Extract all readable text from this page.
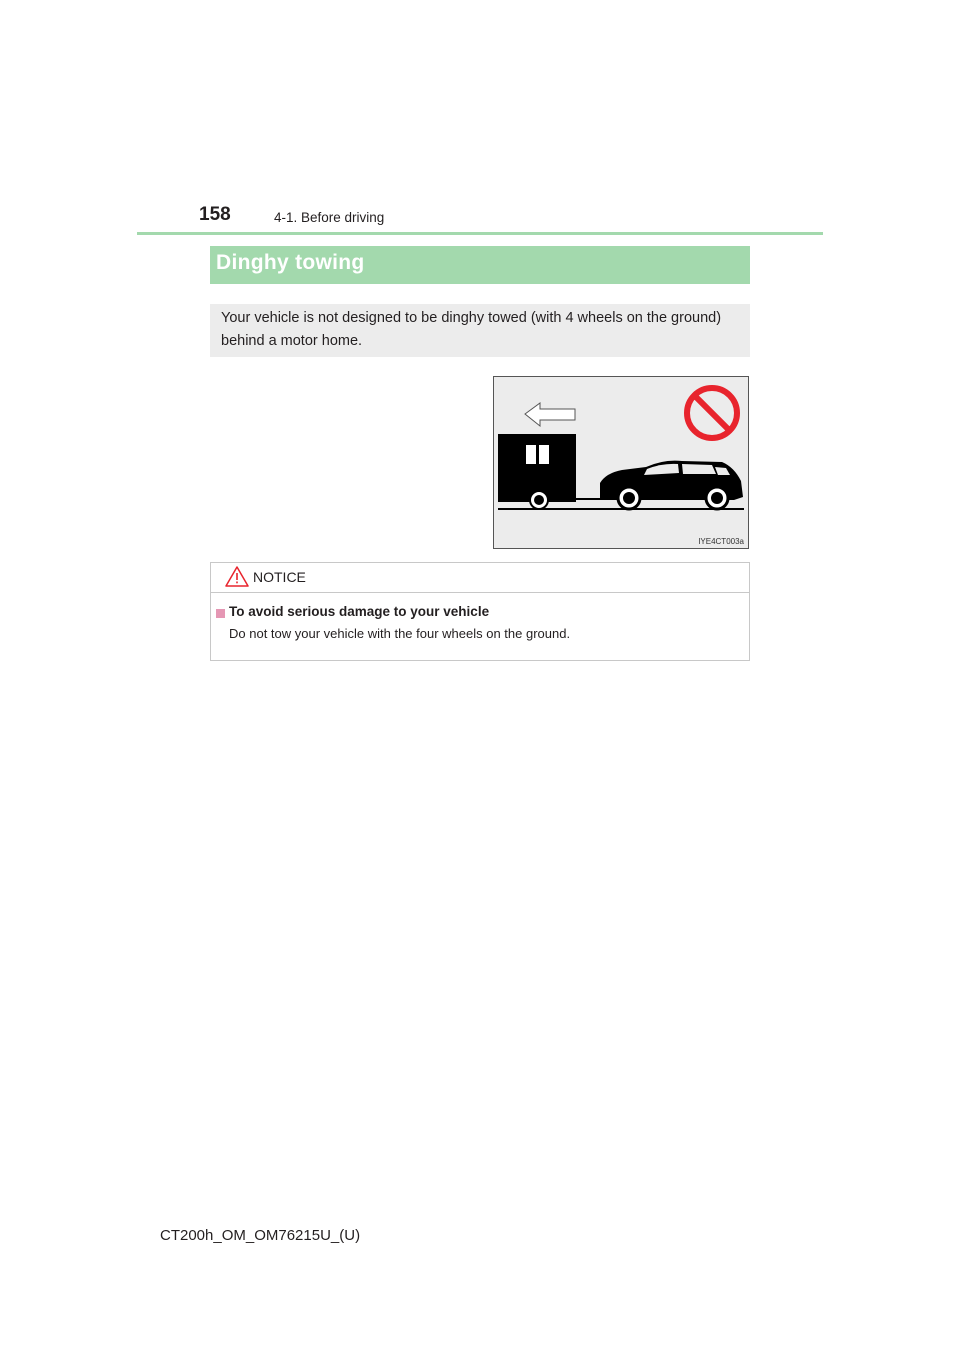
158	4-1. Before driving
Dinghy towing
Your vehicle is not designed to be dinghy towed (with 4 wheels on the ground) behind a motor home.
IYE4CT003a
NOTICE
To avoid serious damage to your vehicle
Do not tow your vehicle with the four wheels on the ground.
CT200h_OM_OM76215U_(U)
